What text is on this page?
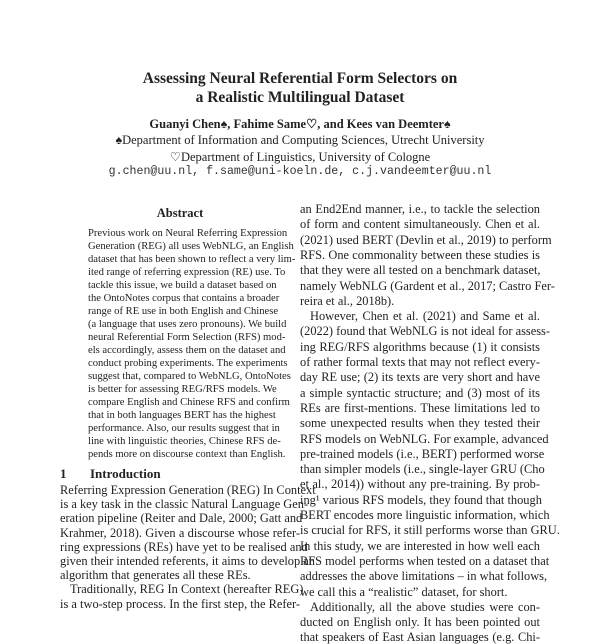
Assessing Neural Referential Form Selectors on
a Realistic Multilingual Dataset
Guanyi Chen♠, Fahime Same♡, and Kees van Deemter♠
♠Department of Information and Computing Sciences, Utrecht University
♡Department of Linguistics, University of Cologne
g.chen@uu.nl, f.same@uni-koeln.de, c.j.vandeemter@uu.nl
Abstract
Previous work on Neural Referring Expression
Generation (REG) all uses WebNLG, an English
dataset that has been shown to reflect a very lim-
ited range of referring expression (RE) use. To
tackle this issue, we build a dataset based on
the OntoNotes corpus that contains a broader
range of RE use in both English and Chinese
(a language that uses zero pronouns). We build
neural Referential Form Selection (RFS) mod-
els accordingly, assess them on the dataset and
conduct probing experiments. The experiments
suggest that, compared to WebNLG, OntoNotes
is better for assessing REG/RFS models. We
compare English and Chinese RFS and confirm
that in both languages BERT has the highest
performance. Also, our results suggest that in
line with linguistic theories, Chinese RFS de-
pends more on discourse context than English.
1 Introduction
Referring Expression Generation (REG) In Context
is a key task in the classic Natural Language Gen-
eration pipeline (Reiter and Dale, 2000; Gatt and
Krahmer, 2018). Given a discourse whose refer-
ring expressions (REs) have yet to be realised and
given their intended referents, it aims to develop an
algorithm that generates all these REs.
Traditionally, REG In Context (hereafter REG)
is a two-step process. In the first step, the Refer-
an End2End manner, i.e., to tackle the selection
of form and content simultaneously. Chen et al.
(2021) used BERT (Devlin et al., 2019) to perform
RFS. One commonality between these studies is
that they were all tested on a benchmark dataset,
namely WebNLG (Gardent et al., 2017; Castro Fer-
reira et al., 2018b).
However, Chen et al. (2021) and Same et al.
(2022) found that WebNLG is not ideal for assess-
ing REG/RFS algorithms because (1) it consists
of rather formal texts that may not reflect every-
day RE use; (2) its texts are very short and have
a simple syntactic structure; and (3) most of its
REs are first-mentions. These limitations led to
some unexpected results when they tested their
RFS models on WebNLG. For example, advanced
pre-trained models (i.e., BERT) performed worse
than simpler models (i.e., single-layer GRU (Cho
et al., 2014)) without any pre-training. By prob-
ing¹ various RFS models, they found that though
BERT encodes more linguistic information, which
is crucial for RFS, it still performs worse than GRU.
In this study, we are interested in how well each
RFS model performs when tested on a dataset that
addresses the above limitations – in what follows,
we call this a “realistic” dataset, for short.
Additionally, all the above studies were con-
ducted on English only. It has been pointed out
that speakers of East Asian languages (e.g. Chi-
